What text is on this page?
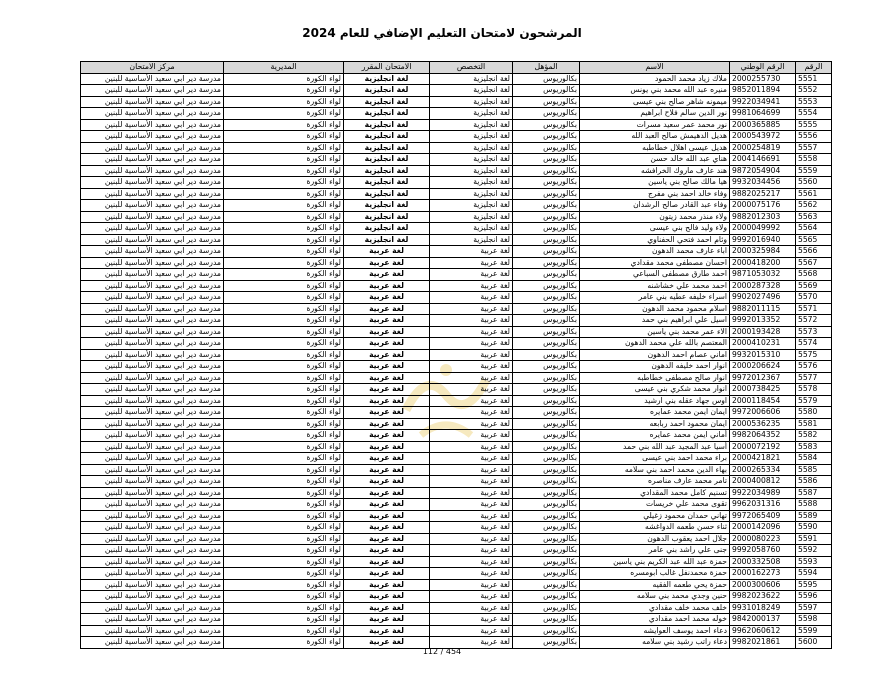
المرشحون لامتحان التعليم الإضافي للعام 2024
الرقم	الرقم الوطني	الاسم	المؤهل	التخصص	الامتحان المقرر	المديرية	مركز الامتحان
5551	2000255730	ملاك زياد محمد الحمود	بكالوريوس	لغة انجليزية	لغة انجليزية	لواء الكورة	مدرسة دير ابي سعيد الأساسية للبنين
5552	9852011894	منيره عبد الله محمد بني يونس	بكالوريوس	لغة انجليزية	لغة انجليزية	لواء الكورة	مدرسة دير ابي سعيد الأساسية للبنين
5553	9922034941	ميمونه شاهر صالح بني عيسى	بكالوريوس	لغة انجليزية	لغة انجليزية	لواء الكورة	مدرسة دير ابي سعيد الأساسية للبنين
5554	9981064699	نور الدين سالم فلاح ابراهيم	بكالوريوس	لغة انجليزية	لغة انجليزية	لواء الكورة	مدرسة دير ابي سعيد الأساسية للبنين
5555	2000365885	نور محمد عمر سعيد مسرات	بكالوريوس	لغة انجليزية	لغة انجليزية	لواء الكورة	مدرسة دير ابي سعيد الأساسية للبنين
5556	2000543972	هديل الدهيمش صالح العبد الله	بكالوريوس	لغة انجليزية	لغة انجليزية	لواء الكورة	مدرسة دير ابي سعيد الأساسية للبنين
5557	2000254819	هديل عيسى اهلال خطاطبه	بكالوريوس	لغة انجليزية	لغة انجليزية	لواء الكورة	مدرسة دير ابي سعيد الأساسية للبنين
5558	2004146691	هناي عبد الله خالد حسن	بكالوريوس	لغة انجليزية	لغة انجليزية	لواء الكورة	مدرسة دير ابي سعيد الأساسية للبنين
5559	9872054904	هند عارف ماروك الخرافشه	بكالوريوس	لغة انجليزية	لغة انجليزية	لواء الكورة	مدرسة دير ابي سعيد الأساسية للبنين
5560	9932034456	هيا مالك صالح بني ياسين	بكالوريوس	لغة انجليزية	لغة انجليزية	لواء الكورة	مدرسة دير ابي سعيد الأساسية للبنين
5561	9882025217	وفاء خالد احمد بني مفرج	بكالوريوس	لغة انجليزية	لغة انجليزية	لواء الكورة	مدرسة دير ابي سعيد الأساسية للبنين
5562	2000075176	وفاء عبد القادر صالح الرشدان	بكالوريوس	لغة انجليزية	لغة انجليزية	لواء الكورة	مدرسة دير ابي سعيد الأساسية للبنين
5563	9882012303	ولاء منذر محمد زيتون	بكالوريوس	لغة انجليزية	لغة انجليزية	لواء الكورة	مدرسة دير ابي سعيد الأساسية للبنين
5564	2000049992	ولاء وليد فالح بني عيسى	بكالوريوس	لغة انجليزية	لغة انجليزية	لواء الكورة	مدرسة دير ابي سعيد الأساسية للبنين
5565	9992016940	وئام احمد فتحي الحفناوي	بكالوريوس	لغة انجليزية	لغة انجليزية	لواء الكورة	مدرسة دير ابي سعيد الأساسية للبنين
5566	2000325984	اباء عارف محمد الدهون	بكالوريوس	لغة عربية	لغة عربية	لواء الكورة	مدرسة دير ابي سعيد الأساسية للبنين
5567	2000418200	احسان مصطفى محمد مقدادي	بكالوريوس	لغة عربية	لغة عربية	لواء الكورة	مدرسة دير ابي سعيد الأساسية للبنين
5568	9871053032	احمد طارق مصطفى السباعي	بكالوريوس	لغة عربية	لغة عربية	لواء الكورة	مدرسة دير ابي سعيد الأساسية للبنين
5569	2000287328	احمد محمد علي خشاشنه	بكالوريوس	لغة عربية	لغة عربية	لواء الكورة	مدرسة دير ابي سعيد الأساسية للبنين
5570	9902027496	اسراء خليفه عطيه بني عامر	بكالوريوس	لغة عربية	لغة عربية	لواء الكورة	مدرسة دير ابي سعيد الأساسية للبنين
5571	9882011115	اسلام محمود محمد الدهون	بكالوريوس	لغة عربية	لغة عربية	لواء الكورة	مدرسة دير ابي سعيد الأساسية للبنين
5572	9992013352	اسيل علي ابراهيم بني حمد	بكالوريوس	لغة عربية	لغة عربية	لواء الكورة	مدرسة دير ابي سعيد الأساسية للبنين
5573	2000193428	الاء عمر محمد بني ياسين	بكالوريوس	لغة عربية	لغة عربية	لواء الكورة	مدرسة دير ابي سعيد الأساسية للبنين
5574	2000410231	المعتصم بالله علي محمد الدهون	بكالوريوس	لغة عربية	لغة عربية	لواء الكورة	مدرسة دير ابي سعيد الأساسية للبنين
5575	9932015310	اماني عصام احمد الدهون	بكالوريوس	لغة عربية	لغة عربية	لواء الكورة	مدرسة دير ابي سعيد الأساسية للبنين
5576	2000206624	انوار احمد خليفه الدهون	بكالوريوس	لغة عربية	لغة عربية	لواء الكورة	مدرسة دير ابي سعيد الأساسية للبنين
5577	9972012367	انوار صالح مصطفى خطاطبه	بكالوريوس	لغة عربية	لغة عربية	لواء الكورة	مدرسة دير ابي سعيد الأساسية للبنين
5578	2000738425	انوار محمد شكري بني عيسى	بكالوريوس	لغة عربية	لغة عربية	لواء الكورة	مدرسة دير ابي سعيد الأساسية للبنين
5579	2000118454	اوس جهاد عقله بني ارشيد	بكالوريوس	لغة عربية	لغة عربية	لواء الكورة	مدرسة دير ابي سعيد الأساسية للبنين
5580	9972006606	ايمان ايمن محمد عمايره	بكالوريوس	لغة عربية	لغة عربية	لواء الكورة	مدرسة دير ابي سعيد الأساسية للبنين
5581	2000536235	ايمان محمود احمد ربابعه	بكالوريوس	لغة عربية	لغة عربية	لواء الكورة	مدرسة دير ابي سعيد الأساسية للبنين
5582	9982064352	أماني ايمن محمد عمايره	بكالوريوس	لغة عربية	لغة عربية	لواء الكورة	مدرسة دير ابي سعيد الأساسية للبنين
5583	2000072192	أسيا عبد المجيد عبد الله بني حمد	بكالوريوس	لغة عربية	لغة عربية	لواء الكورة	مدرسة دير ابي سعيد الأساسية للبنين
5584	2000421821	براء محمد احمد بني عيسى	بكالوريوس	لغة عربية	لغة عربية	لواء الكورة	مدرسة دير ابي سعيد الأساسية للبنين
5585	2000265334	بهاء الدين محمد احمد بني سلامه	بكالوريوس	لغة عربية	لغة عربية	لواء الكورة	مدرسة دير ابي سعيد الأساسية للبنين
5586	2000400812	تامر محمد عارف مناصره	بكالوريوس	لغة عربية	لغة عربية	لواء الكورة	مدرسة دير ابي سعيد الأساسية للبنين
5587	9922034989	تسنيم كامل محمد المقدادي	بكالوريوس	لغة عربية	لغة عربية	لواء الكورة	مدرسة دير ابي سعيد الأساسية للبنين
5588	9962031316	تقوى محمد علي خريسات	بكالوريوس	لغة عربية	لغة عربية	لواء الكورة	مدرسة دير ابي سعيد الأساسية للبنين
5589	9972065409	تهاني حمدان محمود زغيلي	بكالوريوس	لغة عربية	لغة عربية	لواء الكورة	مدرسة دير ابي سعيد الأساسية للبنين
5590	2000142096	ثناء حسن طعمه الدواغشه	بكالوريوس	لغة عربية	لغة عربية	لواء الكورة	مدرسة دير ابي سعيد الأساسية للبنين
5591	2000080223	جلال احمد يعقوب الدهون	بكالوريوس	لغة عربية	لغة عربية	لواء الكورة	مدرسة دير ابي سعيد الأساسية للبنين
5592	9992058760	جنى علي راشد بني عامر	بكالوريوس	لغة عربية	لغة عربية	لواء الكورة	مدرسة دير ابي سعيد الأساسية للبنين
5593	2000332508	حمزة عبد الله عبد الكريم بني ياسين	بكالوريوس	لغة عربية	لغة عربية	لواء الكورة	مدرسة دير ابي سعيد الأساسية للبنين
5594	2000162273	حمزة محمدنفل غالب ابومسره	بكالوريوس	لغة عربية	لغة عربية	لواء الكورة	مدرسة دير ابي سعيد الأساسية للبنين
5595	2000300606	حمزة يحي طعمه الفقيه	بكالوريوس	لغة عربية	لغة عربية	لواء الكورة	مدرسة دير ابي سعيد الأساسية للبنين
5596	9982023622	حنين وجدي محمد بني سلامه	بكالوريوس	لغة عربية	لغة عربية	لواء الكورة	مدرسة دير ابي سعيد الأساسية للبنين
5597	9931018249	خلف محمد خلف مقدادي	بكالوريوس	لغة عربية	لغة عربية	لواء الكورة	مدرسة دير ابي سعيد الأساسية للبنين
5598	9842000137	خوله محمد احمد مقدادي	بكالوريوس	لغة عربية	لغة عربية	لواء الكورة	مدرسة دير ابي سعيد الأساسية للبنين
5599	9962060612	دعاء احمد يوسف العوايشه	بكالوريوس	لغة عربية	لغة عربية	لواء الكورة	مدرسة دير ابي سعيد الأساسية للبنين
5600	9982021861	دعاء راتب رشيد بني سلامه	بكالوريوس	لغة عربية	لغة عربية	لواء الكورة	مدرسة دير ابي سعيد الأساسية للبنين
112 / 454
